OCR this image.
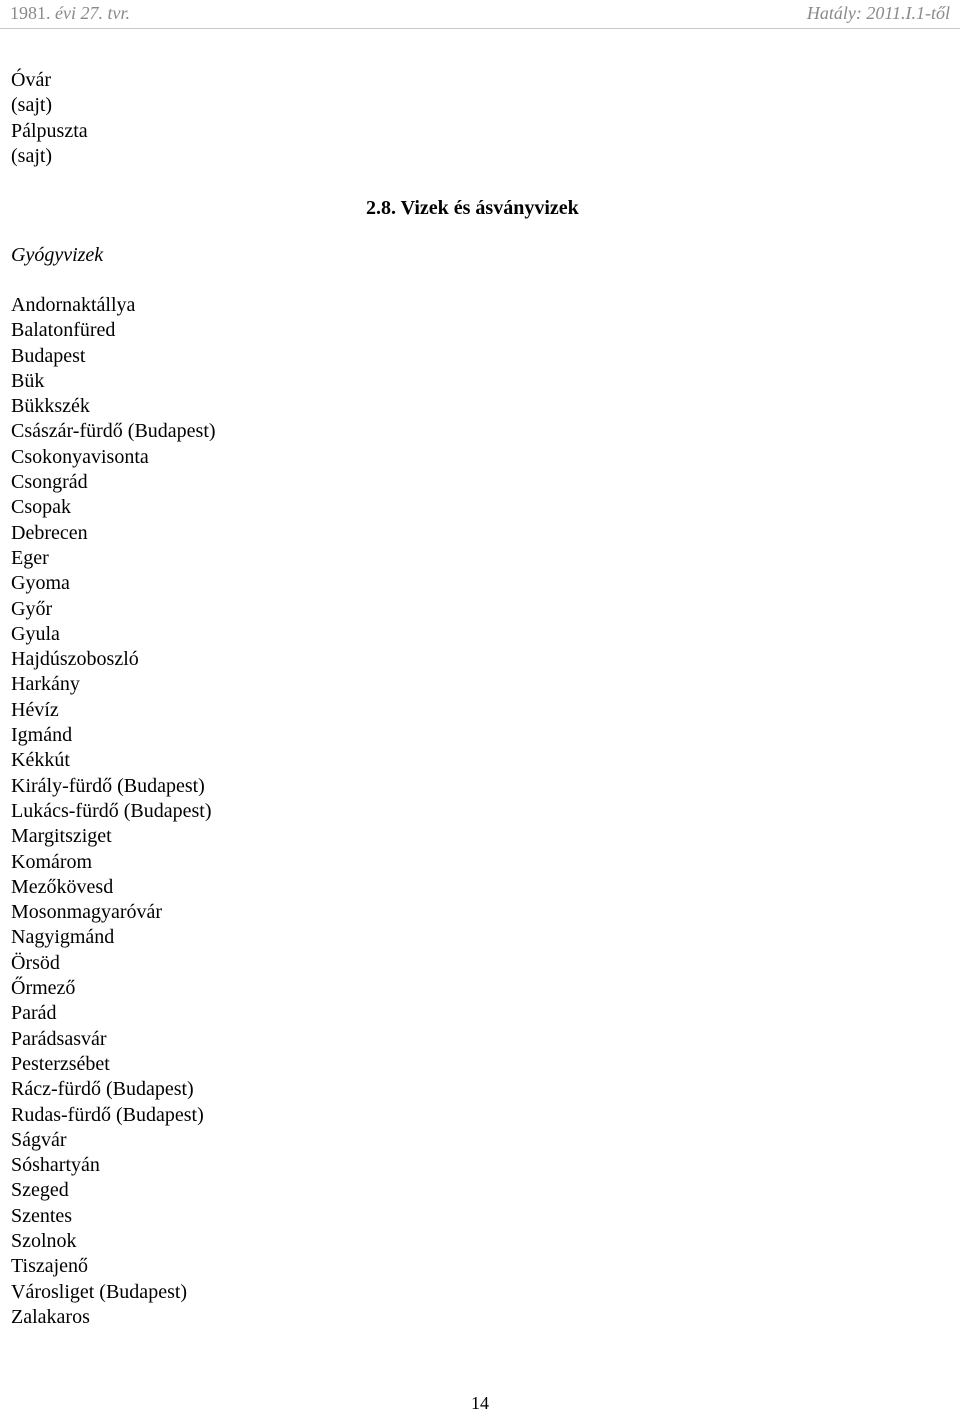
1981. évi 27. tvr.	Hatály: 2011.I.1-től
Óvár
(sajt)
Pálpuszta
(sajt)
2.8. Vizek és ásványvizek
Gyógyvizek
Andornaktállya
Balatonfüred
Budapest
Bük
Bükkszék
Császár-fürdő (Budapest)
Csokonyavisonta
Csongrád
Csopak
Debrecen
Eger
Gyoma
Győr
Gyula
Hajdúszoboszló
Harkány
Hévíz
Igmánd
Kékkút
Király-fürdő (Budapest)
Lukács-fürdő (Budapest)
Margitsziget
Komárom
Mezőkövesd
Mosonmagyaróvár
Nagyigmánd
Örsöd
Őrmező
Parád
Parádsasvár
Pesterzsébet
Rácz-fürdő (Budapest)
Rudas-fürdő (Budapest)
Ságvár
Sóshartyán
Szeged
Szentes
Szolnok
Tiszajenő
Városliget (Budapest)
Zalakaros
14
